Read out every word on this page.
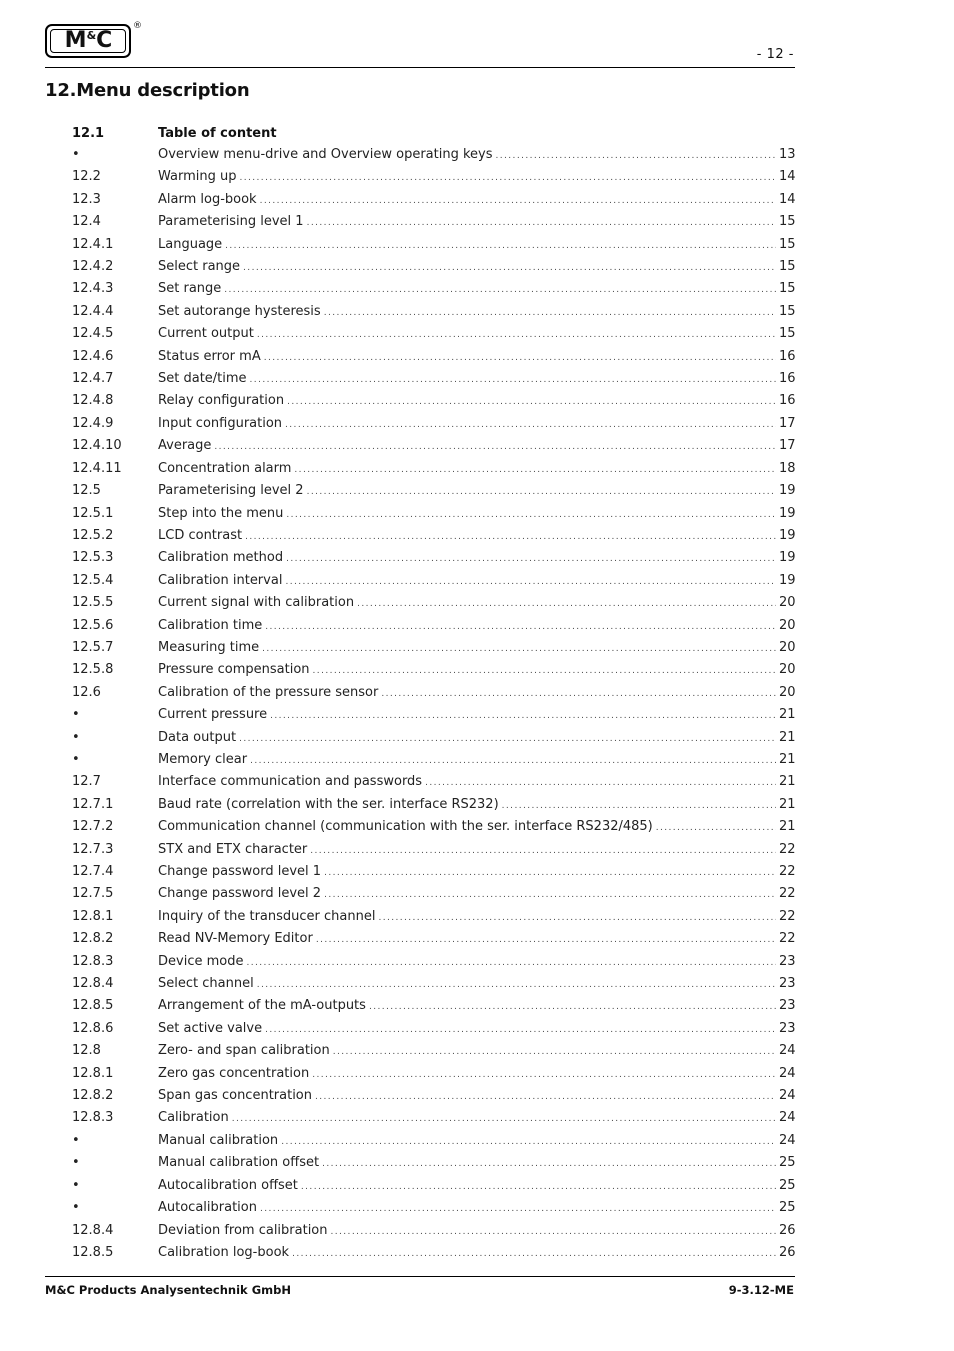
M&C
®
- 12 -
12.Menu description
12.1	Table of content
•	Overview menu-drive and Overview operating keys .....	13
12.2	Warming up .....	14
12.3	Alarm log-book .....	14
12.4	Parameterising level 1 .....	15
12.4.1	Language .....	15
12.4.2	Select range .....	15
12.4.3	Set range .....	15
12.4.4	Set autorange hysteresis .....	15
12.4.5	Current output .....	15
12.4.6	Status error mA .....	16
12.4.7	Set date/time .....	16
12.4.8	Relay configuration .....	16
12.4.9	Input configuration .....	17
12.4.10	Average .....	17
12.4.11	Concentration alarm .....	18
12.5	Parameterising level 2 .....	19
12.5.1	Step into the menu .....	19
12.5.2	LCD contrast .....	19
12.5.3	Calibration method .....	19
12.5.4	Calibration interval .....	19
12.5.5	Current signal with calibration .....	20
12.5.6	Calibration time .....	20
12.5.7	Measuring time .....	20
12.5.8	Pressure compensation .....	20
12.6	Calibration of the pressure sensor .....	20
•	Current pressure .....	21
•	Data output .....	21
•	Memory clear .....	21
12.7	Interface communication and passwords .....	21
12.7.1	Baud rate (correlation with the ser. interface RS232) .....	21
12.7.2	Communication channel (communication with the ser. interface RS232/485) .....	21
12.7.3	STX and ETX character .....	22
12.7.4	Change password level 1 .....	22
12.7.5	Change password level 2 .....	22
12.8.1	Inquiry of the transducer channel .....	22
12.8.2	Read NV-Memory Editor .....	22
12.8.3	Device mode .....	23
12.8.4	Select channel .....	23
12.8.5	Arrangement of the mA-outputs .....	23
12.8.6	Set active valve .....	23
12.8	Zero- and span calibration .....	24
12.8.1	Zero gas concentration .....	24
12.8.2	Span gas concentration .....	24
12.8.3	Calibration .....	24
•	Manual calibration .....	24
•	Manual calibration offset .....	25
•	Autocalibration offset .....	25
•	Autocalibration .....	25
12.8.4	Deviation from calibration .....	26
12.8.5	Calibration log-book .....	26
M&C Products Analysentechnik GmbH	9-3.12-ME
